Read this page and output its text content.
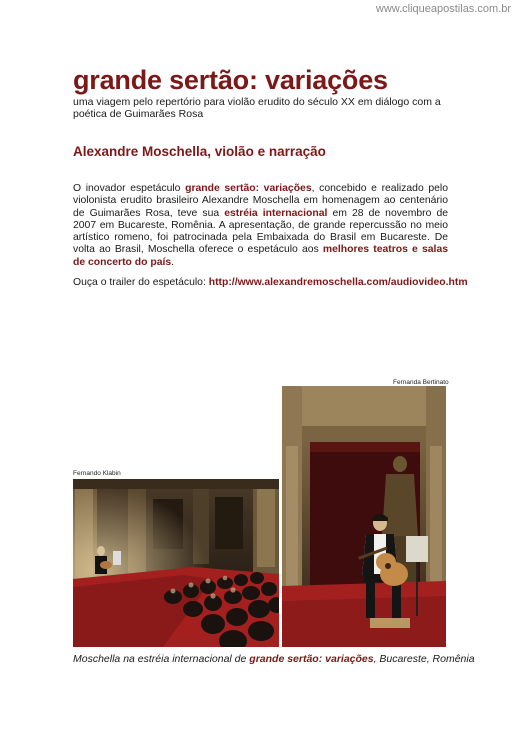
www.cliqueapostilas.com.br
grande sertão: variações
uma viagem pelo repertório para violão erudito do século XX em diálogo com a poética de Guimarães Rosa
Alexandre Moschella, violão e narração
O inovador espetáculo grande sertão: variações, concebido e realizado pelo violonista erudito brasileiro Alexandre Moschella em homenagem ao centenário de Guimarães Rosa, teve sua estréia internacional em 28 de novembro de 2007 em Bucareste, Romênia. A apresentação, de grande repercussão no meio artístico romeno, foi patrocinada pela Embaixada do Brasil em Bucareste. De volta ao Brasil, Moschella oferece o espetáculo aos melhores teatros e salas de concerto do país.
Ouça o trailer do espetáculo: http://www.alexandremoschella.com/audiovideo.htm
Fernando Klabin
Fernanda Bertinato
Moschella na estréia internacional de grande sertão: variações, Bucareste, Romênia
